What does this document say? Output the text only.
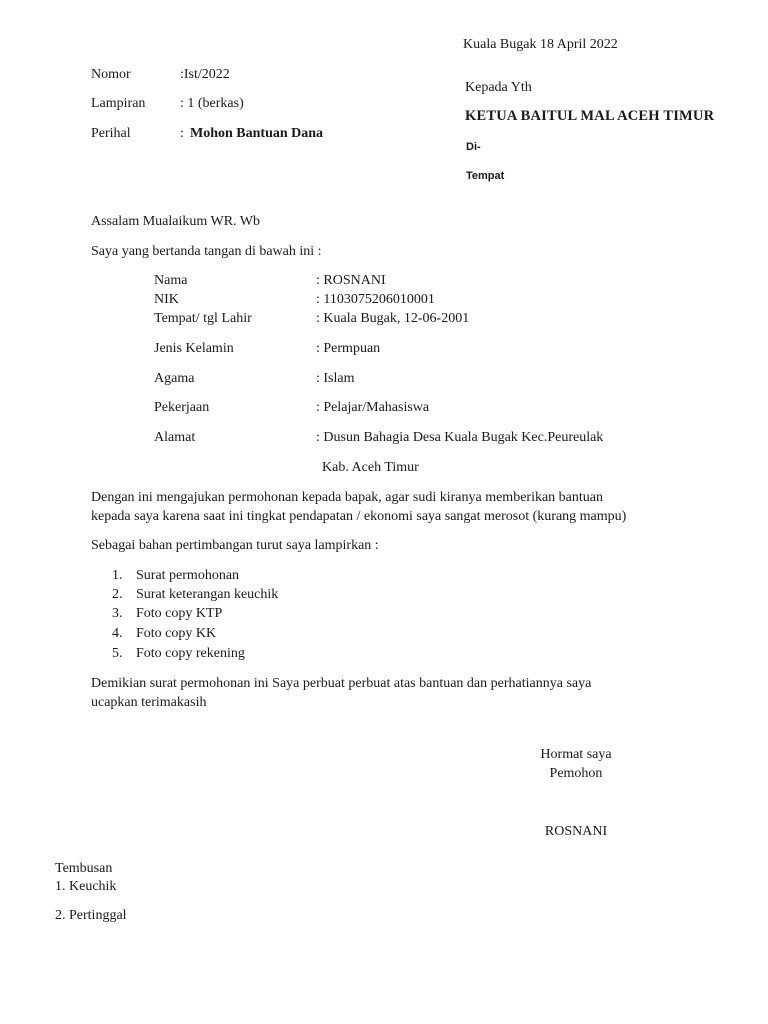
Kuala Bugak 18 April 2022
Nomor	:Ist/2022
Lampiran : 1 (berkas)
Perihal	: Mohon Bantuan Dana
Kepada Yth
KETUA BAITUL MAL ACEH TIMUR
Di-
Tempat
Assalam Mualaikum WR. Wb
Saya yang bertanda tangan di bawah ini :
Nama	: ROSNANI
NIK	: 1103075206010001
Tempat/ tgl Lahir	: Kuala Bugak, 12-06-2001
Jenis Kelamin	: Permpuan
Agama	: Islam
Pekerjaan	: Pelajar/Mahasiswa
Alamat	: Dusun Bahagia Desa Kuala Bugak Kec.Peureulak
Kab. Aceh Timur
Dengan ini mengajukan permohonan kepada bapak, agar sudi kiranya memberikan bantuan
kepada saya karena saat ini tingkat pendapatan / ekonomi saya sangat merosot (kurang mampu)
Sebagai bahan pertimbangan turut saya lampirkan :
1. Surat permohonan
2. Surat keterangan keuchik
3. Foto copy KTP
4. Foto copy KK
5. Foto copy rekening
Demikian surat permohonan ini Saya perbuat perbuat atas bantuan dan perhatiannya saya
ucapkan terimakasih
Hormat saya
Pemohon
ROSNANI
Tembusan
1. Keuchik
2. Pertinggal
